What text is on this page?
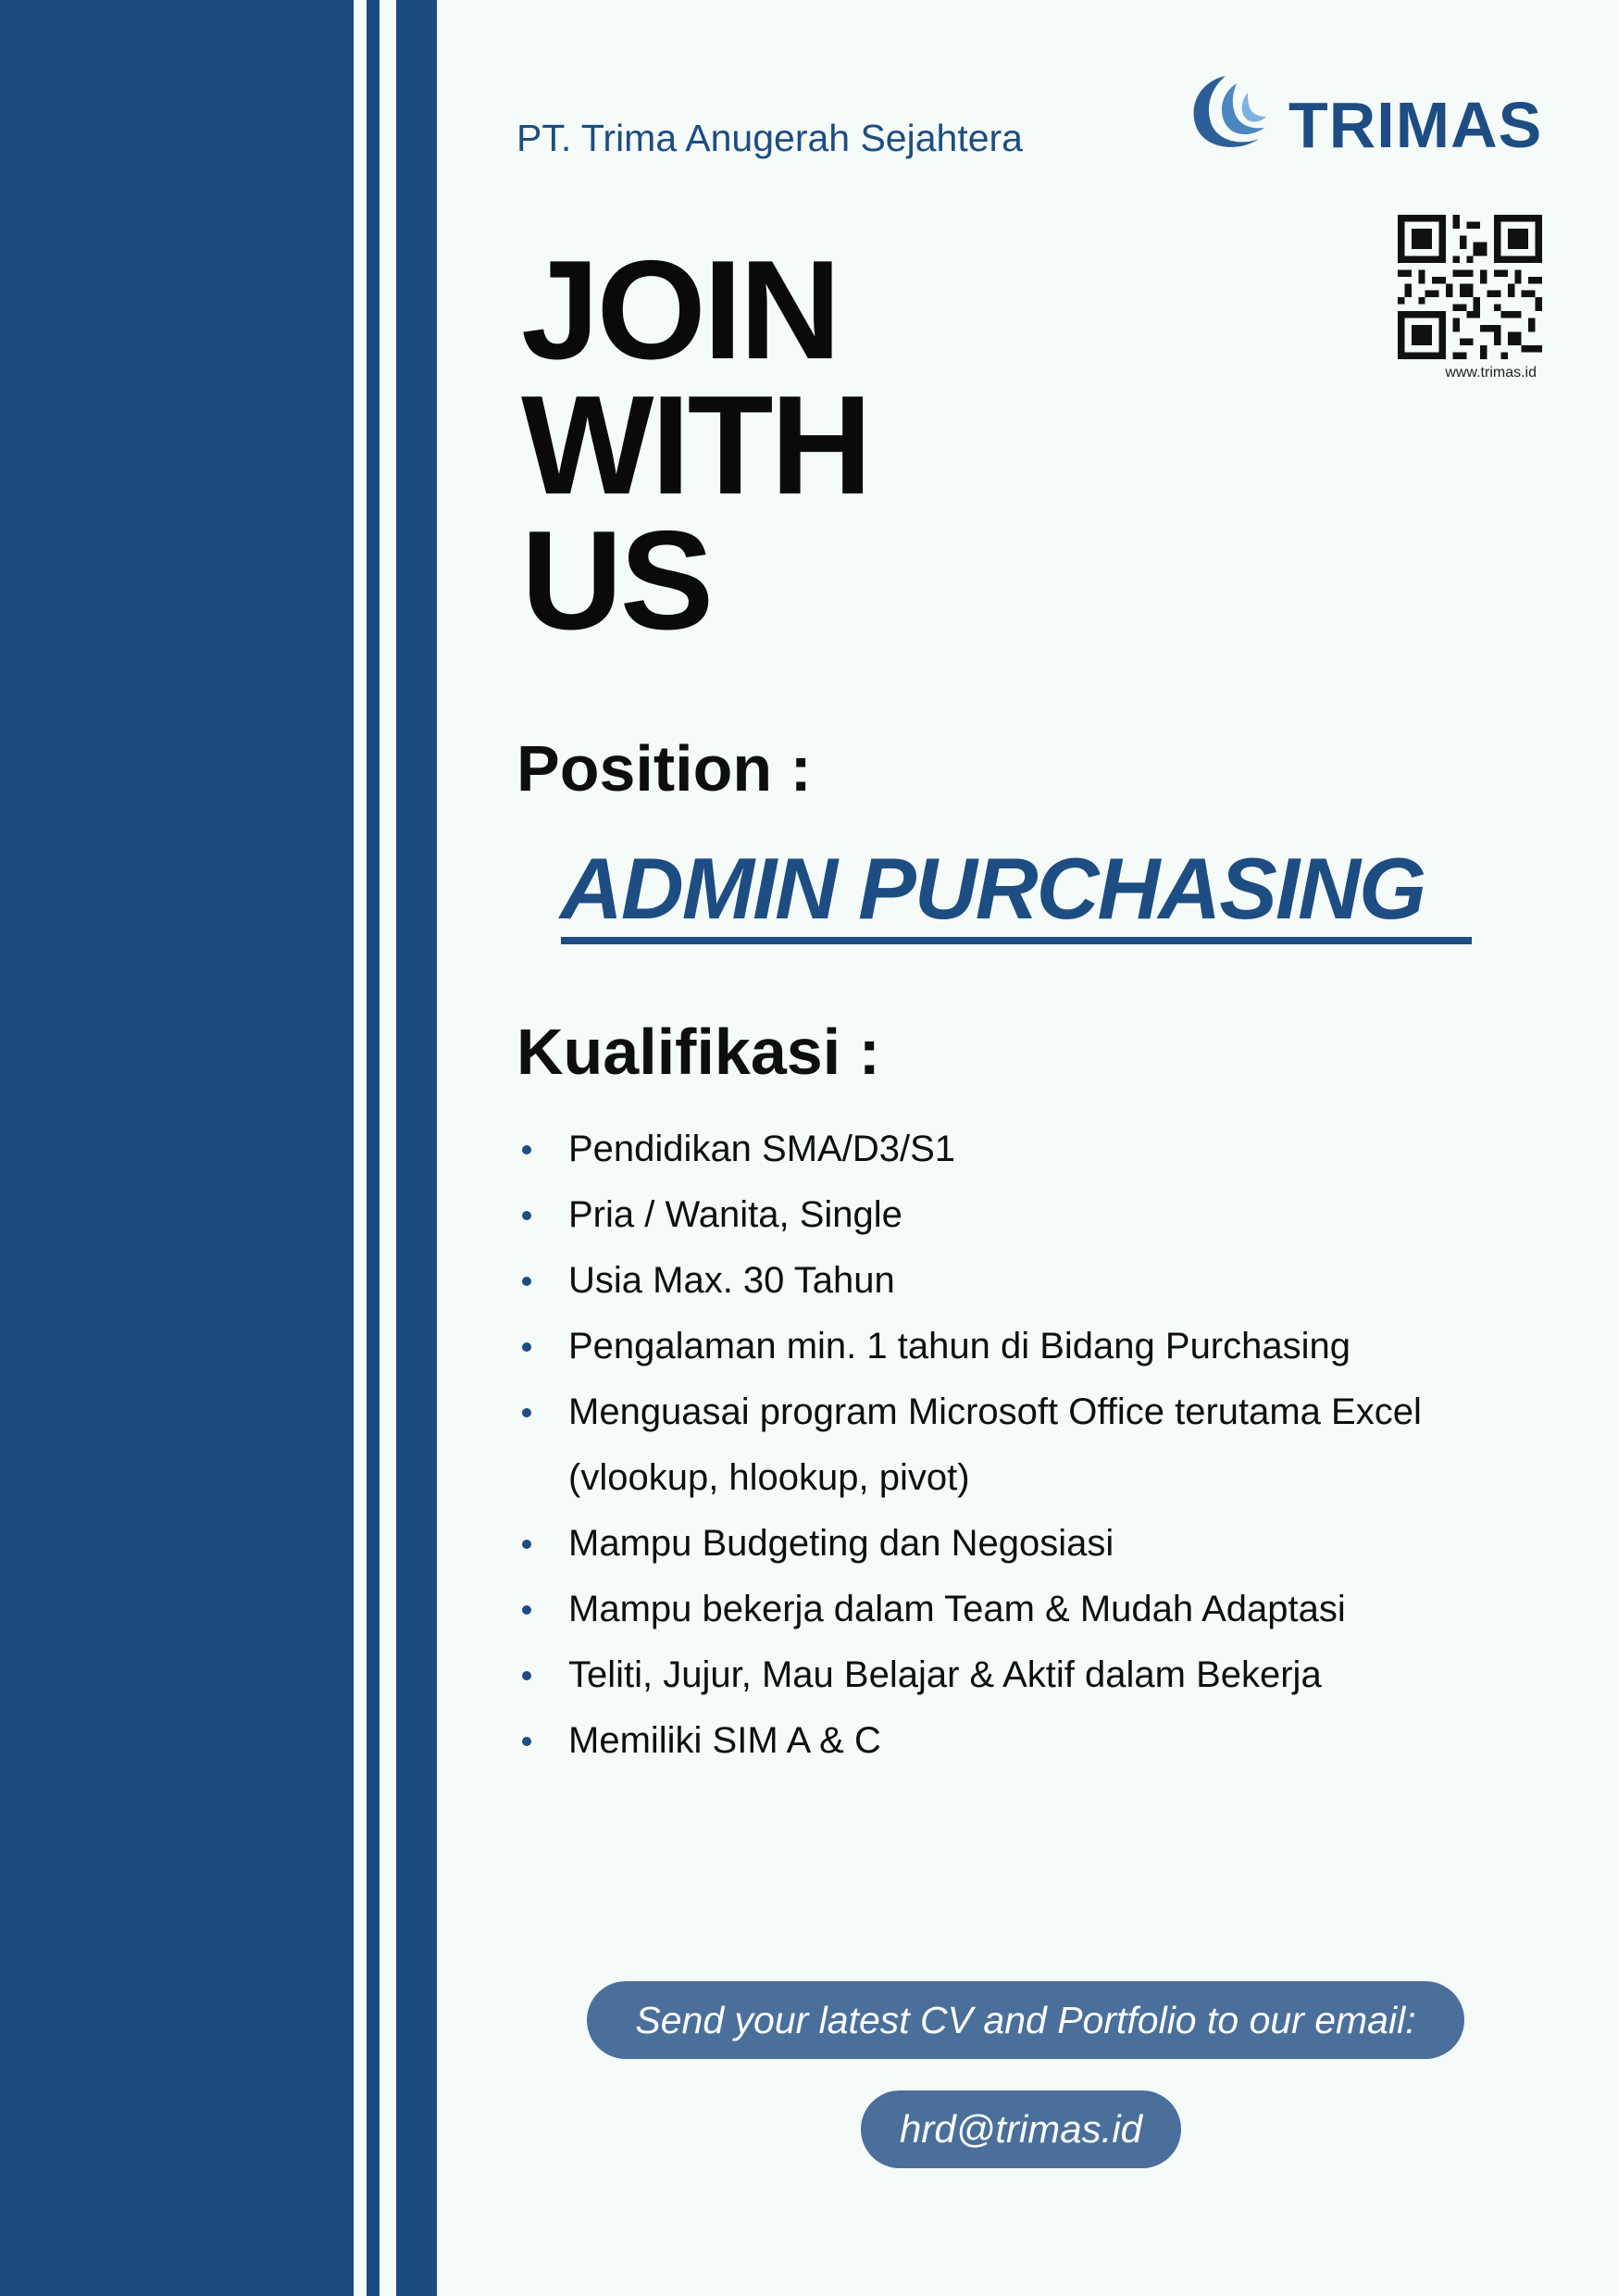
PT. Trima Anugerah Sejahtera	TRIMAS
www.trimas.id
JOIN
WITH
US
Position :
ADMIN PURCHASING
Kualifikasi :
Pendidikan SMA/D3/S1
Pria / Wanita, Single
Usia Max. 30 Tahun
Pengalaman min. 1 tahun di Bidang Purchasing
Menguasai program Microsoft Office terutama Excel (vlookup, hlookup, pivot)
Mampu Budgeting dan Negosiasi
Mampu bekerja dalam Team & Mudah Adaptasi
Teliti, Jujur, Mau Belajar & Aktif dalam Bekerja
Memiliki SIM A & C
Send your latest CV and Portfolio to our email:
hrd@trimas.id
